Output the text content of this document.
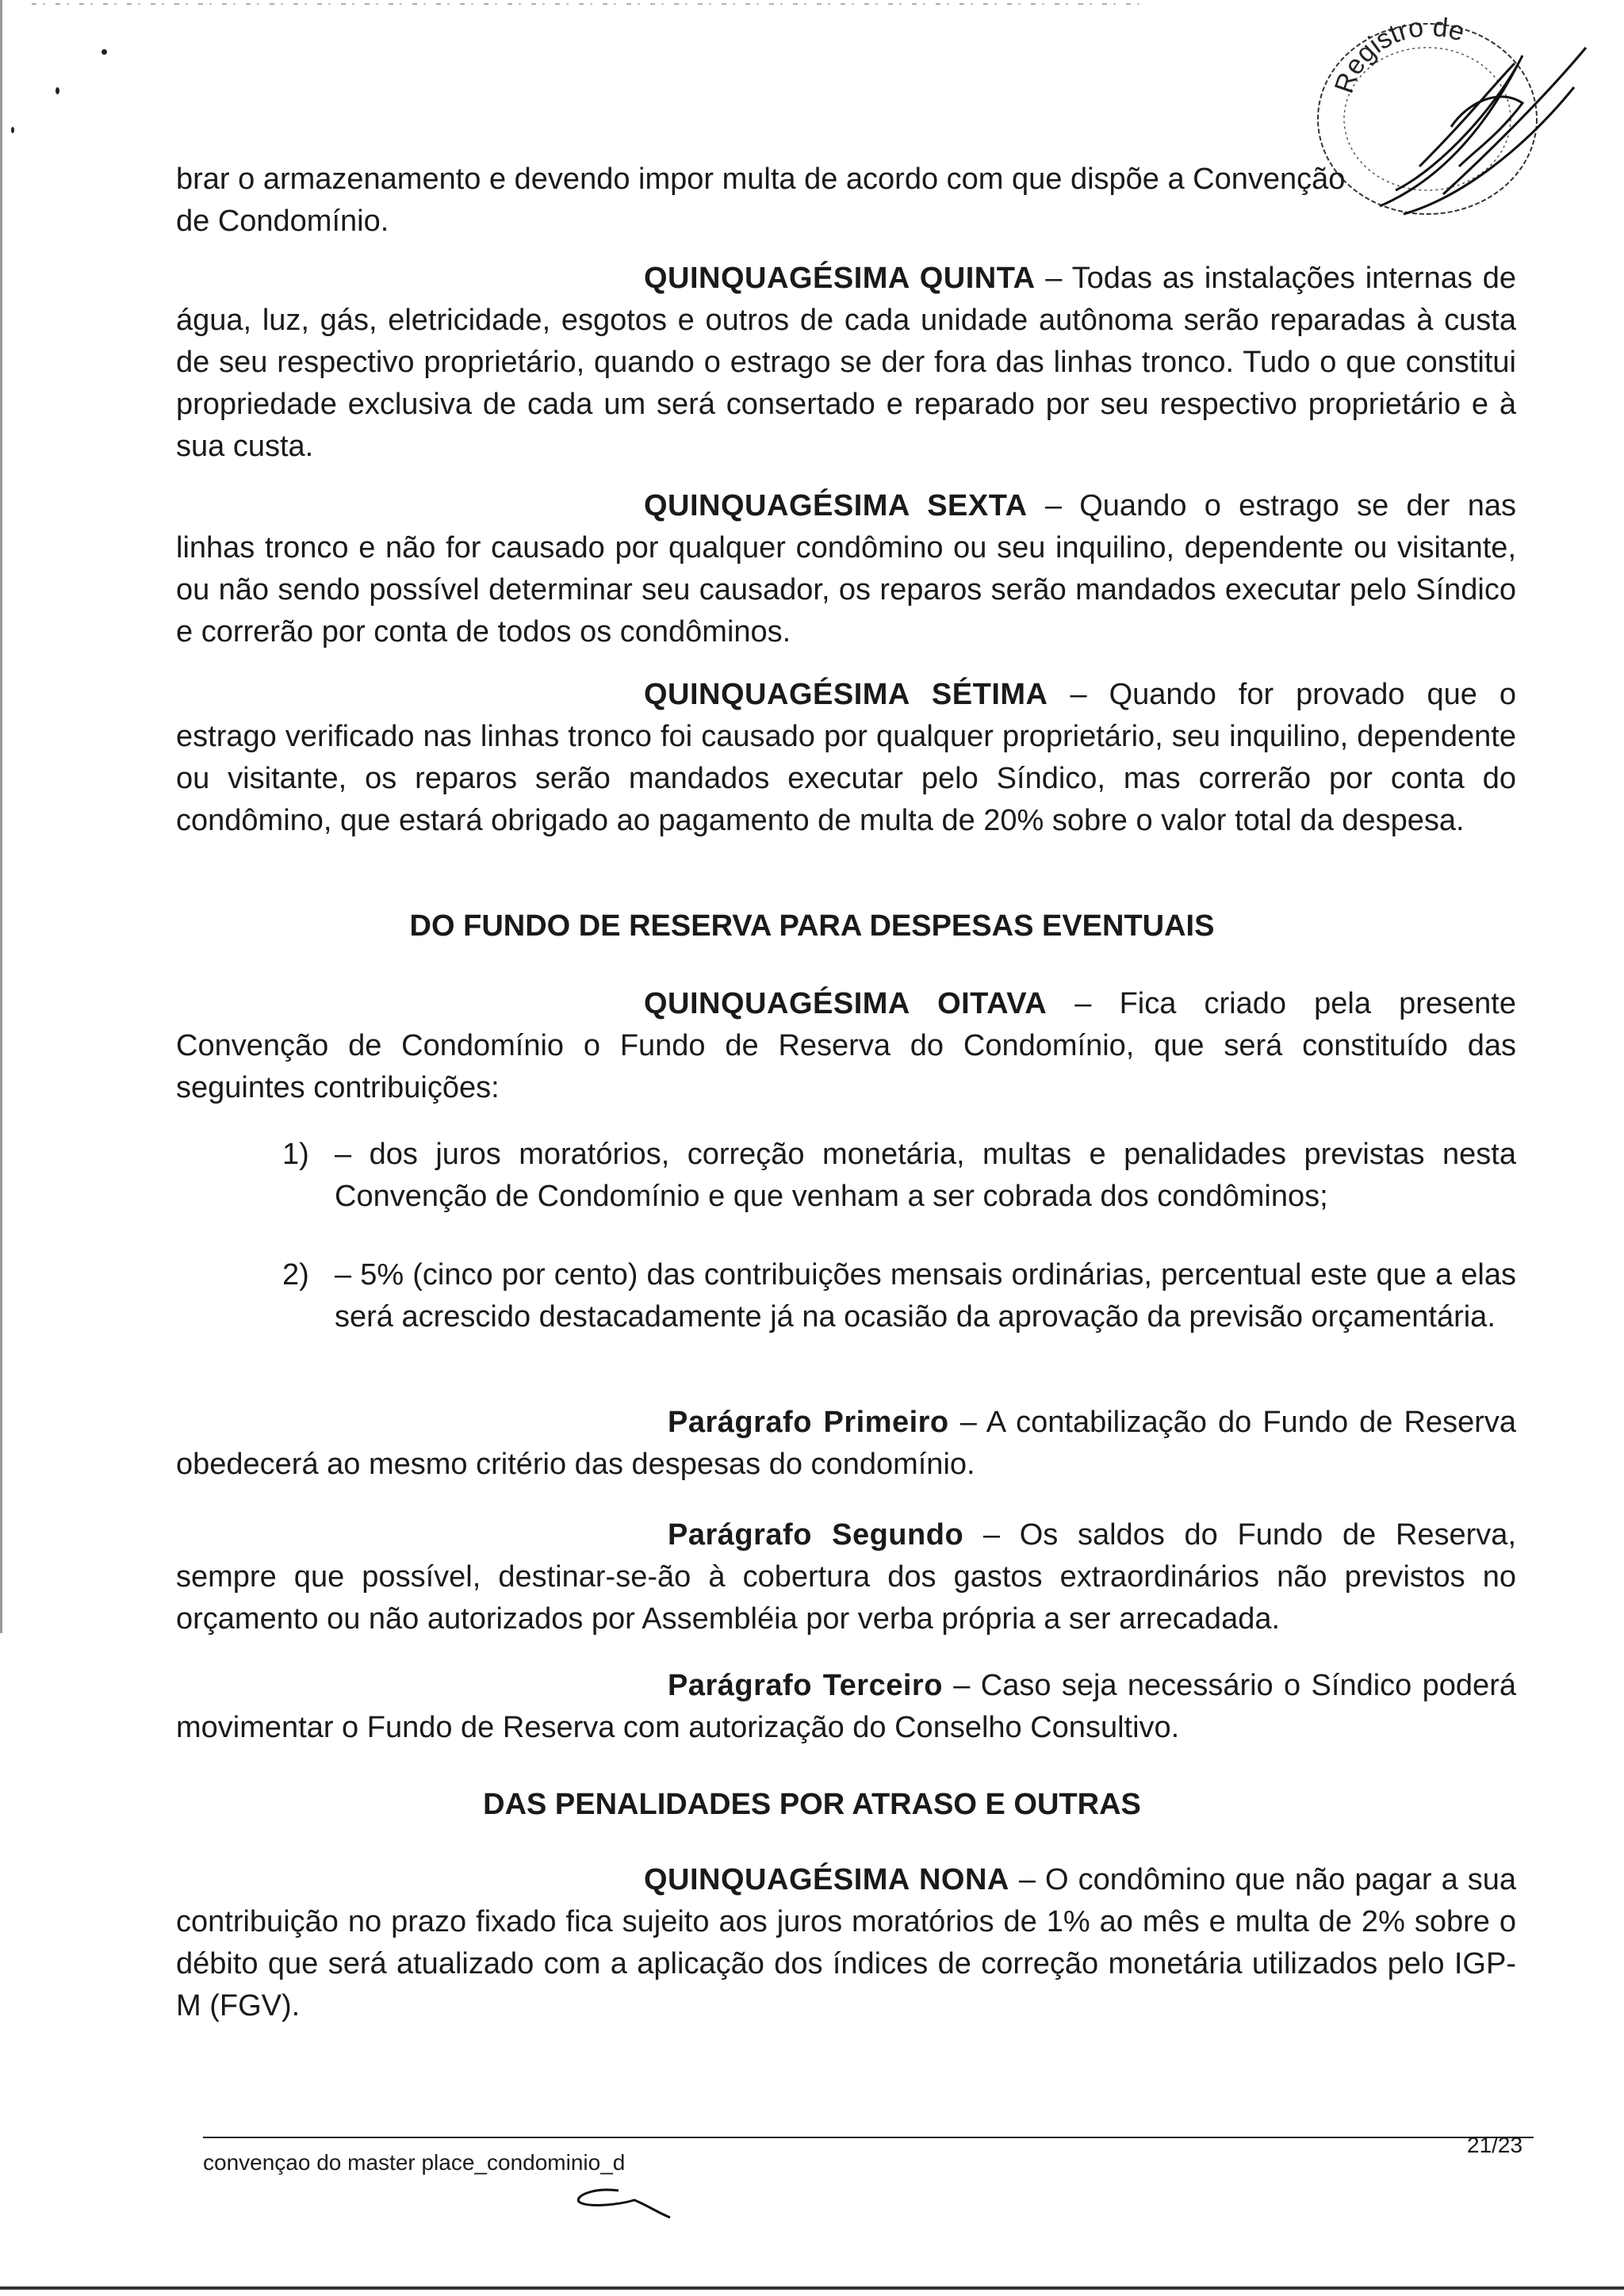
Registro de
brar o armazenamento e devendo impor multa de acordo com que dispõe a Convenção
de Condomínio.

QUINQUAGÉSIMA QUINTA – Todas as instalações internas de água, luz, gás, eletricidade, esgotos e outros de cada unidade autônoma serão reparadas à custa de seu respectivo proprietário, quando o estrago se der fora das linhas tronco. Tudo o que constitui propriedade exclusiva de cada um será consertado e reparado por seu respectivo proprietário e à sua custa.

QUINQUAGÉSIMA SEXTA – Quando o estrago se der nas linhas tronco e não for causado por qualquer condômino ou seu inquilino, dependente ou visitante, ou não sendo possível determinar seu causador, os reparos serão mandados executar pelo Síndico e correrão por conta de todos os condôminos.

QUINQUAGÉSIMA SÉTIMA – Quando for provado que o estrago verificado nas linhas tronco foi causado por qualquer proprietário, seu inquilino, dependente ou visitante, os reparos serão mandados executar pelo Síndico, mas correrão por conta do condômino, que estará obrigado ao pagamento de multa de 20% sobre o valor total da despesa.

DO FUNDO DE RESERVA PARA DESPESAS EVENTUAIS

QUINQUAGÉSIMA OITAVA – Fica criado pela presente Convenção de Condomínio o Fundo de Reserva do Condomínio, que será constituído das seguintes contribuições:

1) – dos juros moratórios, correção monetária, multas e penalidades previstas nesta Convenção de Condomínio e que venham a ser cobrada dos condôminos;
2) – 5% (cinco por cento) das contribuições mensais ordinárias, percentual este que a elas será acrescido destacadamente já na ocasião da aprovação da previsão orçamentária.

Parágrafo Primeiro – A contabilização do Fundo de Reserva obedecerá ao mesmo critério das despesas do condomínio.

Parágrafo Segundo – Os saldos do Fundo de Reserva, sempre que possível, destinar-se-ão à cobertura dos gastos extraordinários não previstos no orçamento ou não autorizados por Assembléia por verba própria a ser arrecadada.

Parágrafo Terceiro – Caso seja necessário o Síndico poderá movimentar o Fundo de Reserva com autorização do Conselho Consultivo.

DAS PENALIDADES POR ATRASO E OUTRAS

QUINQUAGÉSIMA NONA – O condômino que não pagar a sua contribuição no prazo fixado fica sujeito aos juros moratórios de 1% ao mês e multa de 2% sobre o débito que será atualizado com a aplicação dos índices de correção monetária utilizados pelo IGP-M (FGV).

21/23
convençao do master place_condominio_d
